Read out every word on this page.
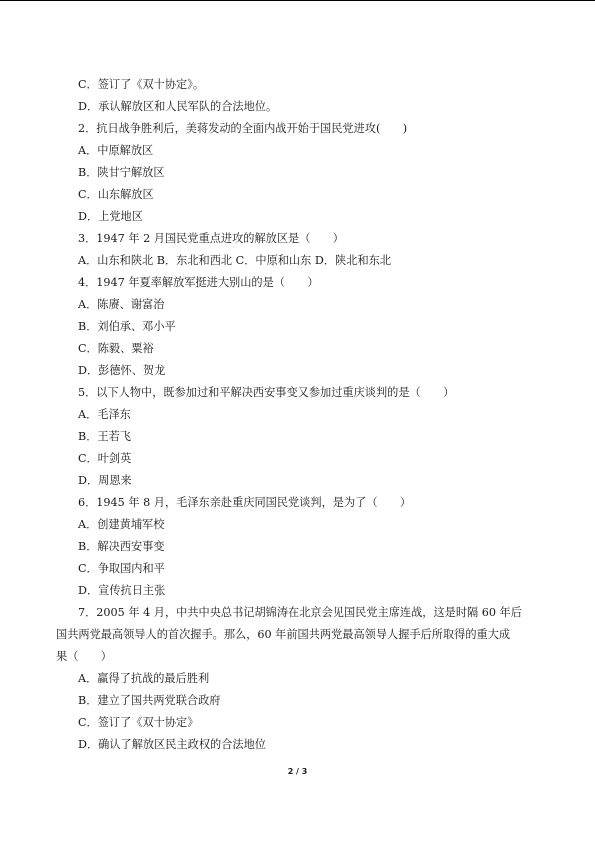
C．签订了《双十协定》。
D．承认解放区和人民军队的合法地位。
2．抗日战争胜利后，美蒋发动的全面内战开始于国民党进攻(　　)
A．中原解放区
B．陕甘宁解放区
C．山东解放区
D．上党地区
3．1947 年 2 月国民党重点进攻的解放区是（　　）
A．山东和陕北 B．东北和西北 C．中原和山东 D．陕北和东北
4．1947 年夏率解放军挺进大别山的是（　　）
A．陈赓、谢富治
B．刘伯承、邓小平
C．陈毅、粟裕
D．彭德怀、贺龙
5．以下人物中，既参加过和平解决西安事变又参加过重庆谈判的是（　　）
A．毛泽东
B．王若飞
C．叶剑英
D．周恩来
6．1945 年 8 月，毛泽东亲赴重庆同国民党谈判，是为了（　　）
A．创建黄埔军校
B．解决西安事变
C．争取国内和平
D．宣传抗日主张
7．2005 年 4 月，中共中央总书记胡锦涛在北京会见国民党主席连战，这是时隔 60 年后
国共两党最高领导人的首次握手。那么，60 年前国共两党最高领导人握手后所取得的重大成
果（　　）
A．赢得了抗战的最后胜利
B．建立了国共两党联合政府
C．签订了《双十协定》
D．确认了解放区民主政权的合法地位
2 / 3
